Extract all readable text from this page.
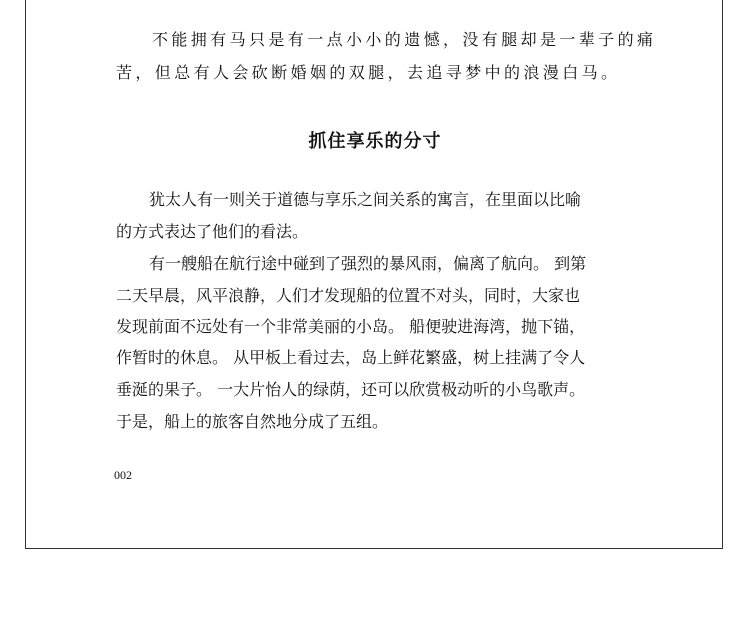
不能拥有马只是有一点小小的遗憾，没有腿却是一辈子的痛
苦，但总有人会砍断婚姻的双腿，去追寻梦中的浪漫白马。
抓住享乐的分寸
犹太人有一则关于道德与享乐之间关系的寓言，在里面以比喻
的方式表达了他们的看法。
有一艘船在航行途中碰到了强烈的暴风雨，偏离了航向。 到第
二天早晨，风平浪静，人们才发现船的位置不对头，同时，大家也
发现前面不远处有一个非常美丽的小岛。 船便驶进海湾，抛下锚，
作暂时的休息。 从甲板上看过去，岛上鲜花繁盛，树上挂满了令人
垂涎的果子。 一大片怡人的绿荫，还可以欣赏极动听的小鸟歌声。
于是，船上的旅客自然地分成了五组。
002
